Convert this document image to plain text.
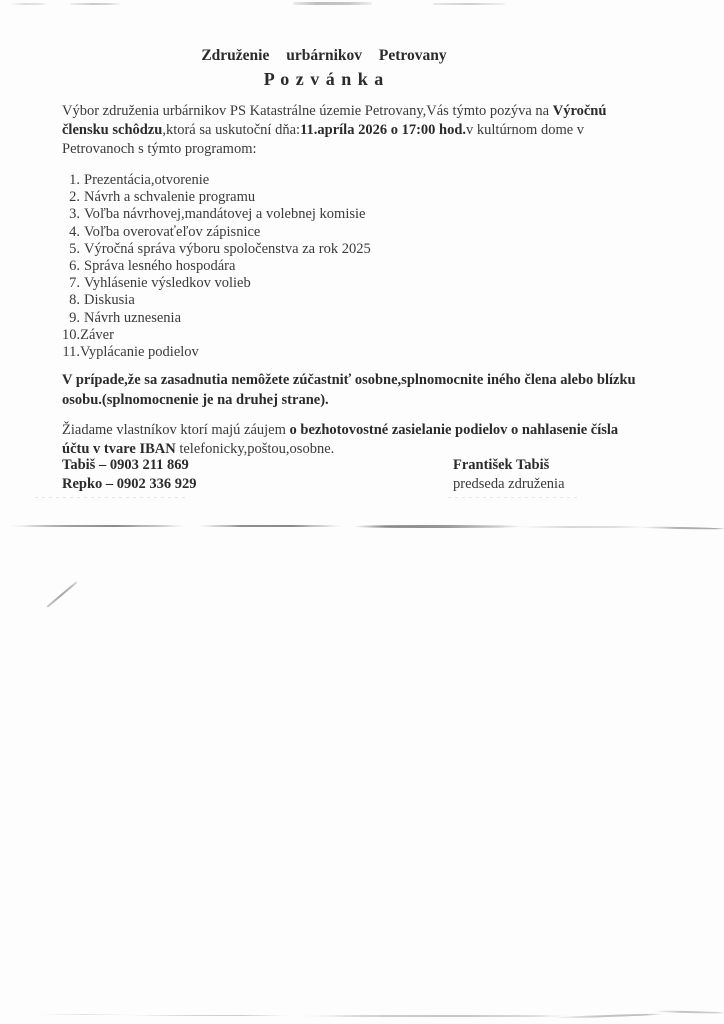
Združenie urbárnikov Petrovany
P o z v á n k a
Výbor združenia urbárnikov PS Katastrálne územie Petrovany,Vás týmto pozýva na Výročnú
člensku schôdzu,ktorá sa uskutoční dňa:11.apríla 2026 o 17:00 hod.v kultúrnom dome v
Petrovanoch s týmto programom:
1. Prezentácia,otvorenie
2. Návrh a schvalenie programu
3. Voľba návrhovej,mandátovej a volebnej komisie
4. Voľba overovaťeľov zápisnice
5. Výročná správa výboru spoločenstva za rok 2025
6. Správa lesného hospodára
7. Vyhlásenie výsledkov volieb
8. Diskusia
9. Návrh uznesenia
10.Záver
11.Vyplácanie podielov
V prípade,že sa zasadnutia nemôžete zúčastniť osobne,splnomocnite iného člena alebo blízku
osobu.(splnomocnenie je na druhej strane).
Žiadame vlastníkov ktorí majú záujem o bezhotovostné zasielanie podielov o nahlasenie čísla
účtu v tvare IBAN telefonicky,poštou,osobne.
Tabiš – 0903 211 869	František Tabiš
Repko – 0902 336 929	predseda združenia
